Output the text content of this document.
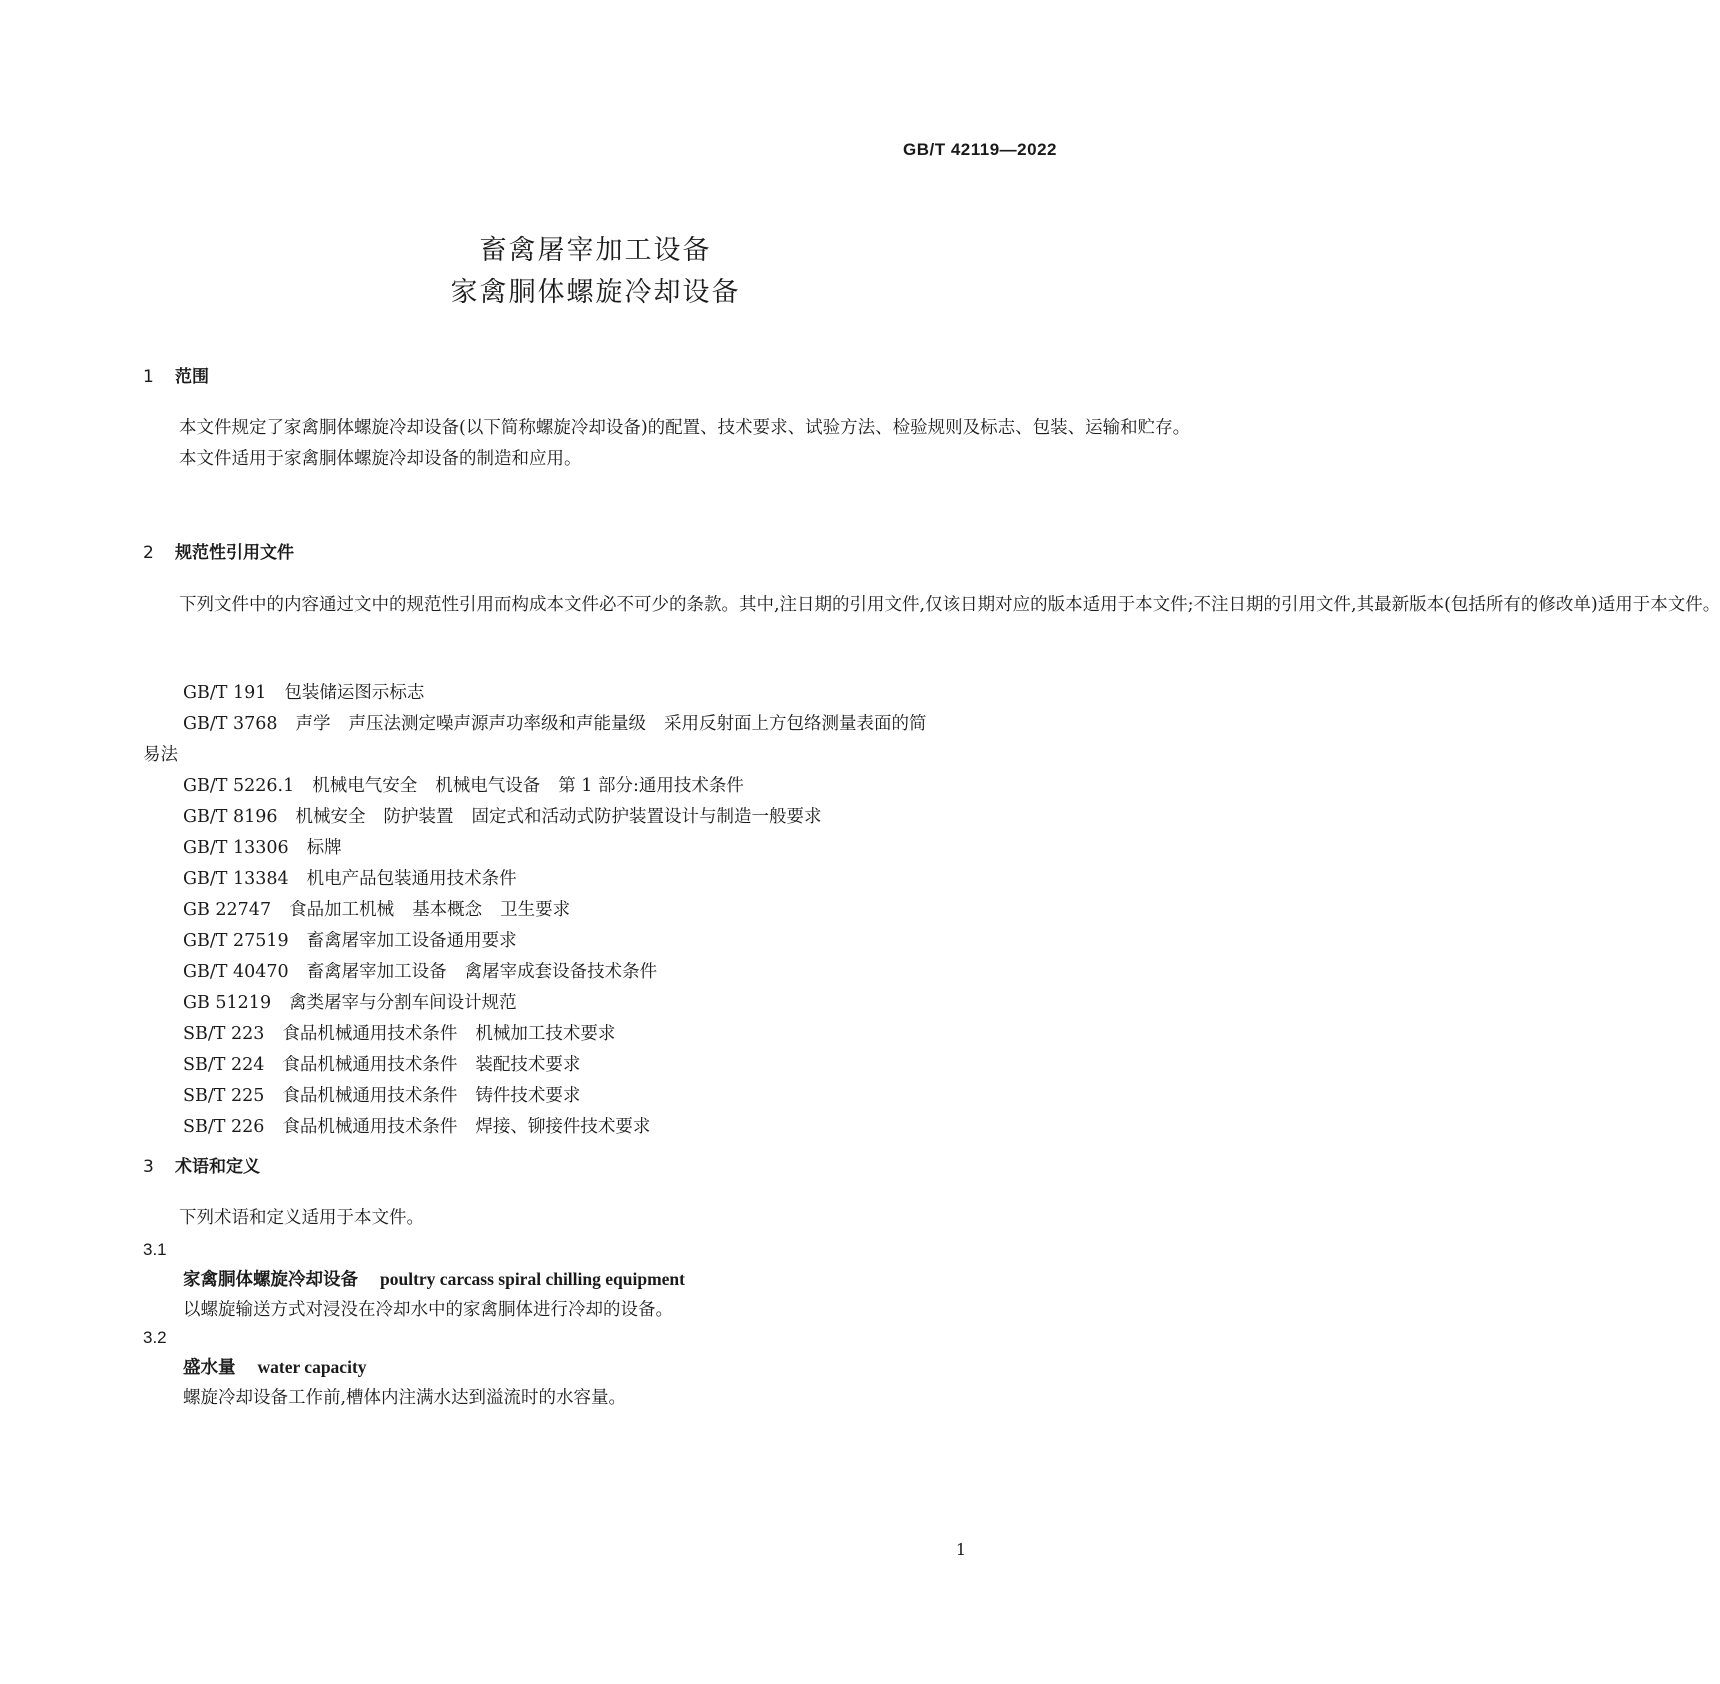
GB/T 42119—2022
畜禽屠宰加工设备
家禽胴体螺旋冷却设备
1 范围

本文件规定了家禽胴体螺旋冷却设备(以下简称螺旋冷却设备)的配置、技术要求、试验方法、检验规则及标志、包装、运输和贮存。

本文件适用于家禽胴体螺旋冷却设备的制造和应用。

2 规范性引用文件

下列文件中的内容通过文中的规范性引用而构成本文件必不可少的条款。其中,注日期的引用文件,仅该日期对应的版本适用于本文件;不注日期的引用文件,其最新版本(包括所有的修改单)适用于本文件。

GB/T 191 包装储运图示标志
GB/T 3768 声学 声压法测定噪声源声功率级和声能量级 采用反射面上方包络测量表面的简
易法
GB/T 5226.1 机械电气安全 机械电气设备 第 1 部分:通用技术条件
GB/T 8196 机械安全 防护装置 固定式和活动式防护装置设计与制造一般要求
GB/T 13306 标牌
GB/T 13384 机电产品包装通用技术条件
GB 22747 食品加工机械 基本概念 卫生要求
GB/T 27519 畜禽屠宰加工设备通用要求
GB/T 40470 畜禽屠宰加工设备 禽屠宰成套设备技术条件
GB 51219 禽类屠宰与分割车间设计规范
SB/T 223 食品机械通用技术条件 机械加工技术要求
SB/T 224 食品机械通用技术条件 装配技术要求
SB/T 225 食品机械通用技术条件 铸件技术要求
SB/T 226 食品机械通用技术条件 焊接、铆接件技术要求
3 术语和定义

下列术语和定义适用于本文件。

3.1
家禽胴体螺旋冷却设备 poultry carcass spiral chilling equipment
以螺旋输送方式对浸没在冷却水中的家禽胴体进行冷却的设备。
3.2
盛水量 water capacity
螺旋冷却设备工作前,槽体内注满水达到溢流时的水容量。
1
